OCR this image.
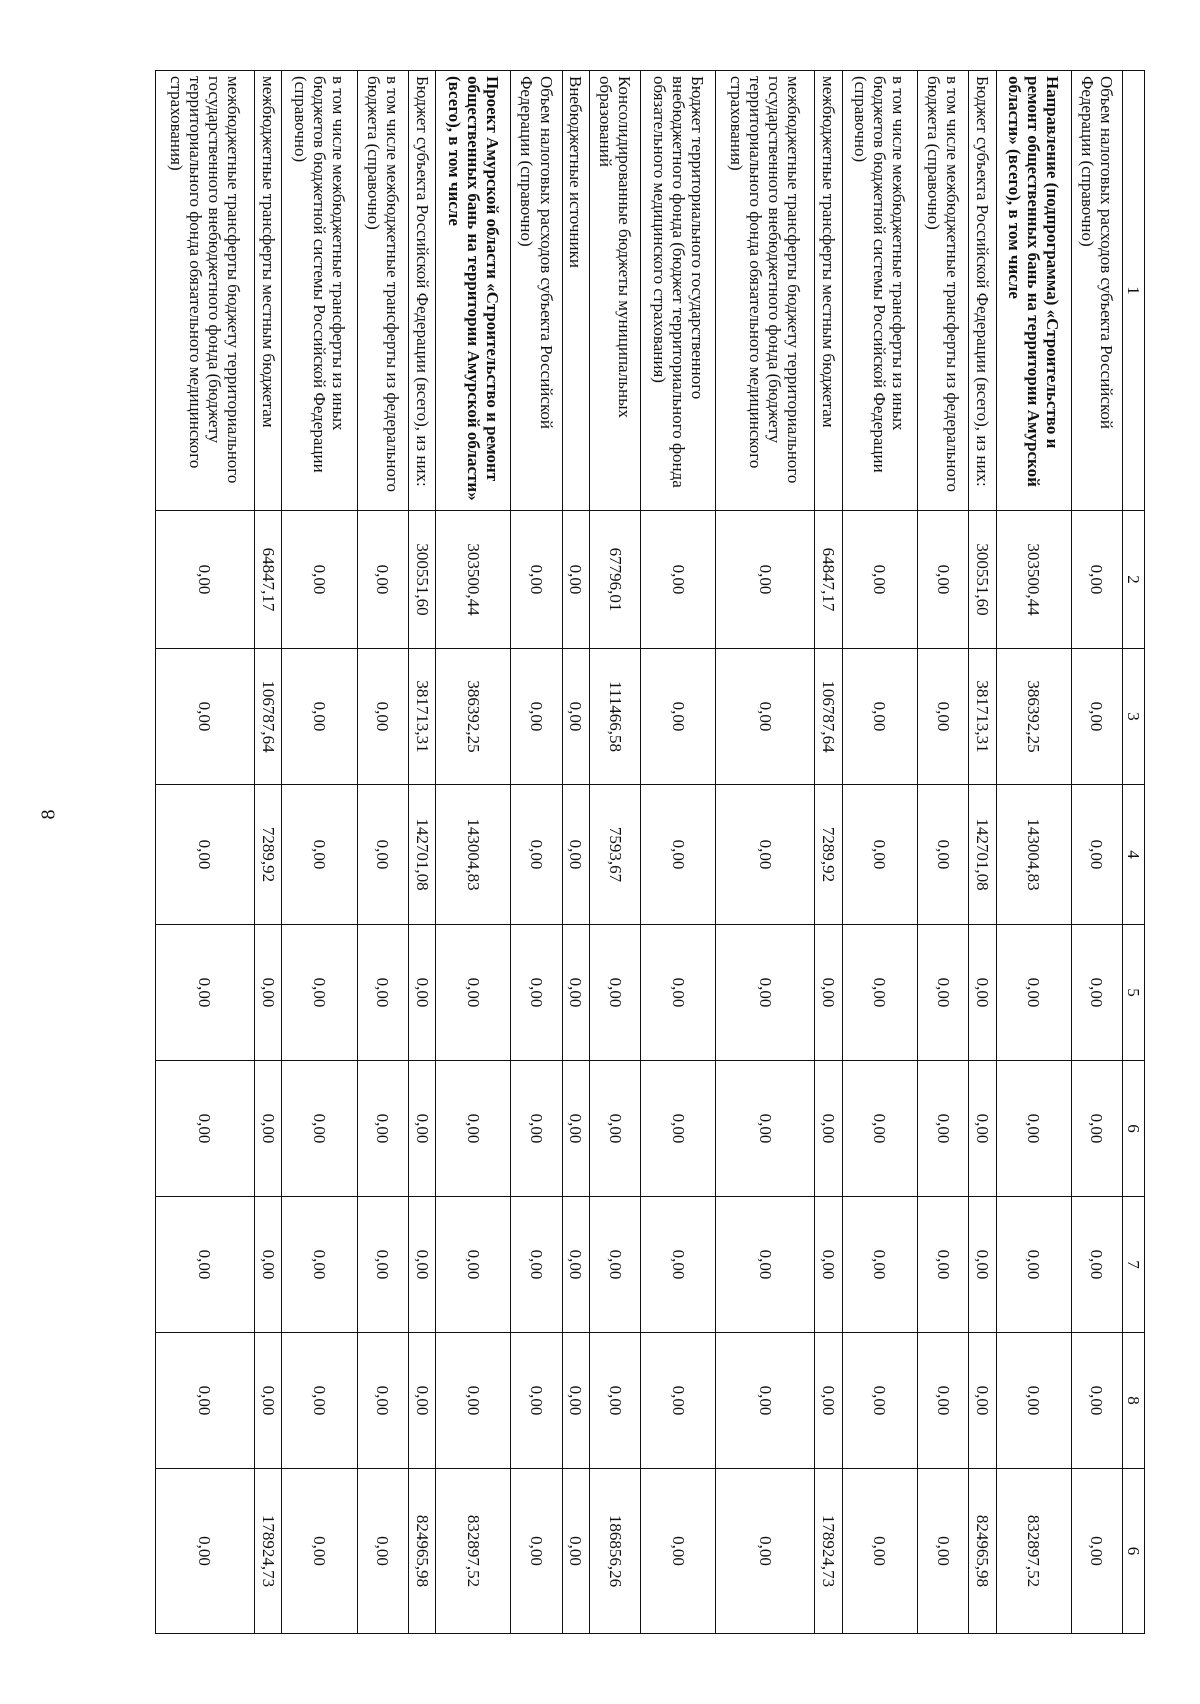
8
1	2	3	4	5	6	7	8	6
Объем налоговых расходов субъекта Российской Федерации (справочно)	0,00	0,00	0,00	0,00	0,00	0,00	0,00	0,00
Направление (подпрограмма) «Строительство и ремонт общественных бань на территории Амурской области» (всего), в том числе	303500,44	386392,25	143004,83	0,00	0,00	0,00	0,00	832897,52
Бюджет субъекта Российской Федерации (всего), из них:	300551,60	381713,31	142701,08	0,00	0,00	0,00	0,00	824965,98
в том числе межбюджетные трансферты из федерального бюджета (справочно)	0,00	0,00	0,00	0,00	0,00	0,00	0,00	0,00
в том числе межбюджетные трансферты из иных бюджетов бюджетной системы Российской Федерации (справочно)	0,00	0,00	0,00	0,00	0,00	0,00	0,00	0,00
межбюджетные трансферты местным бюджетам	64847,17	106787,64	7289,92	0,00	0,00	0,00	0,00	178924,73
межбюджетные трансферты бюджету территориального государственного внебюджетного фонда (бюджету территориального фонда обязательного медицинского страхования)	0,00	0,00	0,00	0,00	0,00	0,00	0,00	0,00
Бюджет территориального государственного внебюджетного фонда (бюджет территориального фонда обязательного медицинского страхования)	0,00	0,00	0,00	0,00	0,00	0,00	0,00	0,00
Консолидированные бюджеты муниципальных образований	67796,01	111466,58	7593,67	0,00	0,00	0,00	0,00	186856,26
Внебюджетные источники	0,00	0,00	0,00	0,00	0,00	0,00	0,00	0,00
Объем налоговых расходов субъекта Российской Федерации (справочно)	0,00	0,00	0,00	0,00	0,00	0,00	0,00	0,00
Проект Амурской области «Строительство и ремонт общественных бань на территории Амурской области» (всего), в том числе	303500,44	386392,25	143004,83	0,00	0,00	0,00	0,00	832897,52
Бюджет субъекта Российской Федерации (всего), из них:	300551,60	381713,31	142701,08	0,00	0,00	0,00	0,00	824965,98
в том числе межбюджетные трансферты из федерального бюджета (справочно)	0,00	0,00	0,00	0,00	0,00	0,00	0,00	0,00
в том числе межбюджетные трансферты из иных бюджетов бюджетной системы Российской Федерации (справочно)	0,00	0,00	0,00	0,00	0,00	0,00	0,00	0,00
межбюджетные трансферты местным бюджетам	64847,17	106787,64	7289,92	0,00	0,00	0,00	0,00	178924,73
межбюджетные трансферты бюджету территориального государственного внебюджетного фонда (бюджету территориального фонда обязательного медицинского страхования)	0,00	0,00	0,00	0,00	0,00	0,00	0,00	0,00
